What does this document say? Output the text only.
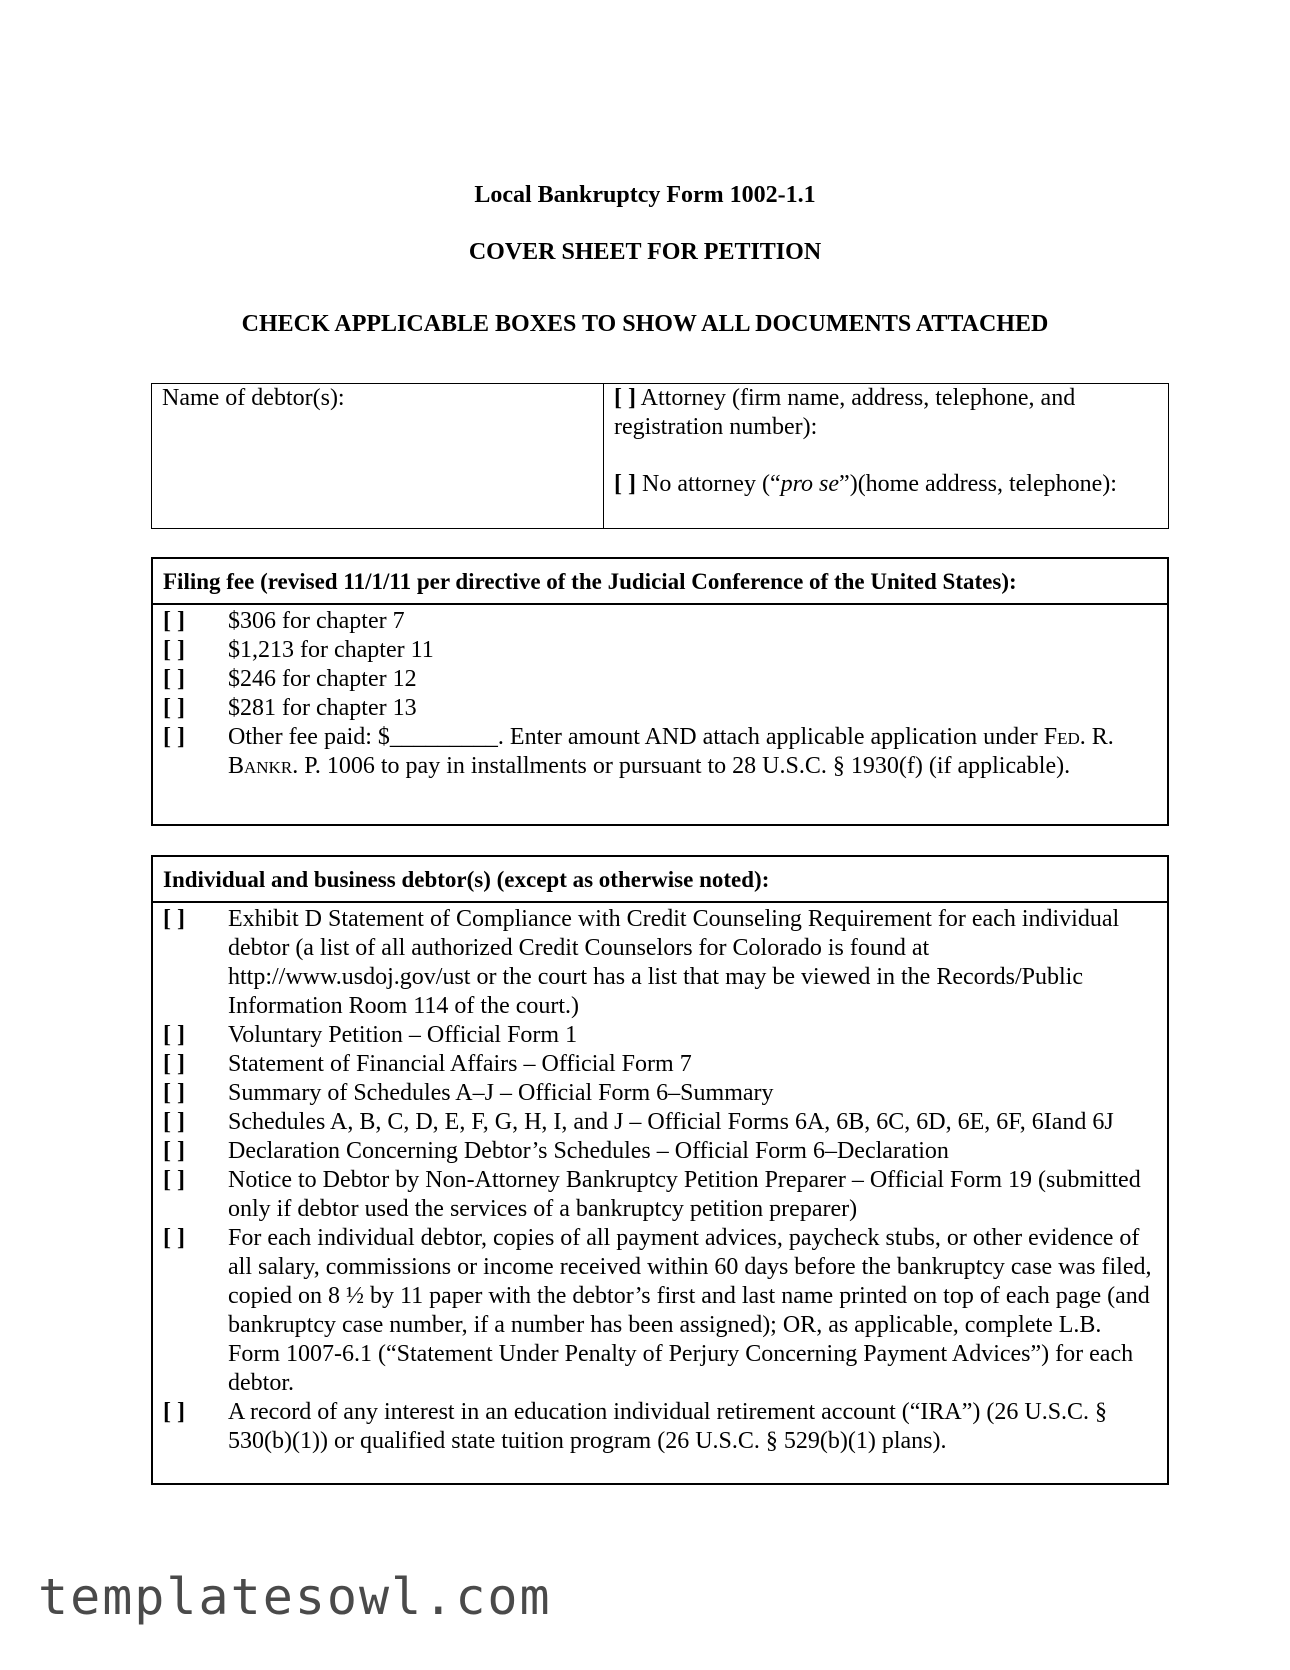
Local Bankruptcy Form 1002-1.1
COVER SHEET FOR PETITION
CHECK APPLICABLE BOXES TO SHOW ALL DOCUMENTS ATTACHED
Name of debtor(s):	[ ] Attorney (firm name, address, telephone, and registration number):

[ ] No attorney (“pro se”)(home address, telephone):

Filing fee (revised 11/1/11 per directive of the Judicial Conference of the United States):
[ ]	$306 for chapter 7
[ ]	$1,213 for chapter 11
[ ]	$246 for chapter 12
[ ]	$281 for chapter 13
[ ]	Other fee paid: $_________. Enter amount AND attach applicable application under Fed. R. Bankr. P. 1006 to pay in installments or pursuant to 28 U.S.C. § 1930(f) (if applicable).
Individual and business debtor(s) (except as otherwise noted):
[ ]	Exhibit D Statement of Compliance with Credit Counseling Requirement for each individual debtor (a list of all authorized Credit Counselors for Colorado is found at http://www.usdoj.gov/ust or the court has a list that may be viewed in the Records/Public Information Room 114 of the court.)
[ ]	Voluntary Petition – Official Form 1
[ ]	Statement of Financial Affairs – Official Form 7
[ ]	Summary of Schedules A–J – Official Form 6–Summary
[ ]	Schedules A, B, C, D, E, F, G, H, I, and J – Official Forms 6A, 6B, 6C, 6D, 6E, 6F, 6Iand 6J
[ ]	Declaration Concerning Debtor’s Schedules – Official Form 6–Declaration
[ ]	Notice to Debtor by Non-Attorney Bankruptcy Petition Preparer – Official Form 19 (submitted only if debtor used the services of a bankruptcy petition preparer)
[ ]	For each individual debtor, copies of all payment advices, paycheck stubs, or other evidence of all salary, commissions or income received within 60 days before the bankruptcy case was filed, copied on 8 ½ by 11 paper with the debtor’s first and last name printed on top of each page (and bankruptcy case number, if a number has been assigned); OR, as applicable, complete L.B. Form 1007-6.1 (“Statement Under Penalty of Perjury Concerning Payment Advices”) for each debtor.
[ ]	A record of any interest in an education individual retirement account (“IRA”) (26 U.S.C. § 530(b)(1)) or qualified state tuition program (26 U.S.C. § 529(b)(1) plans).
templatesowl.com
